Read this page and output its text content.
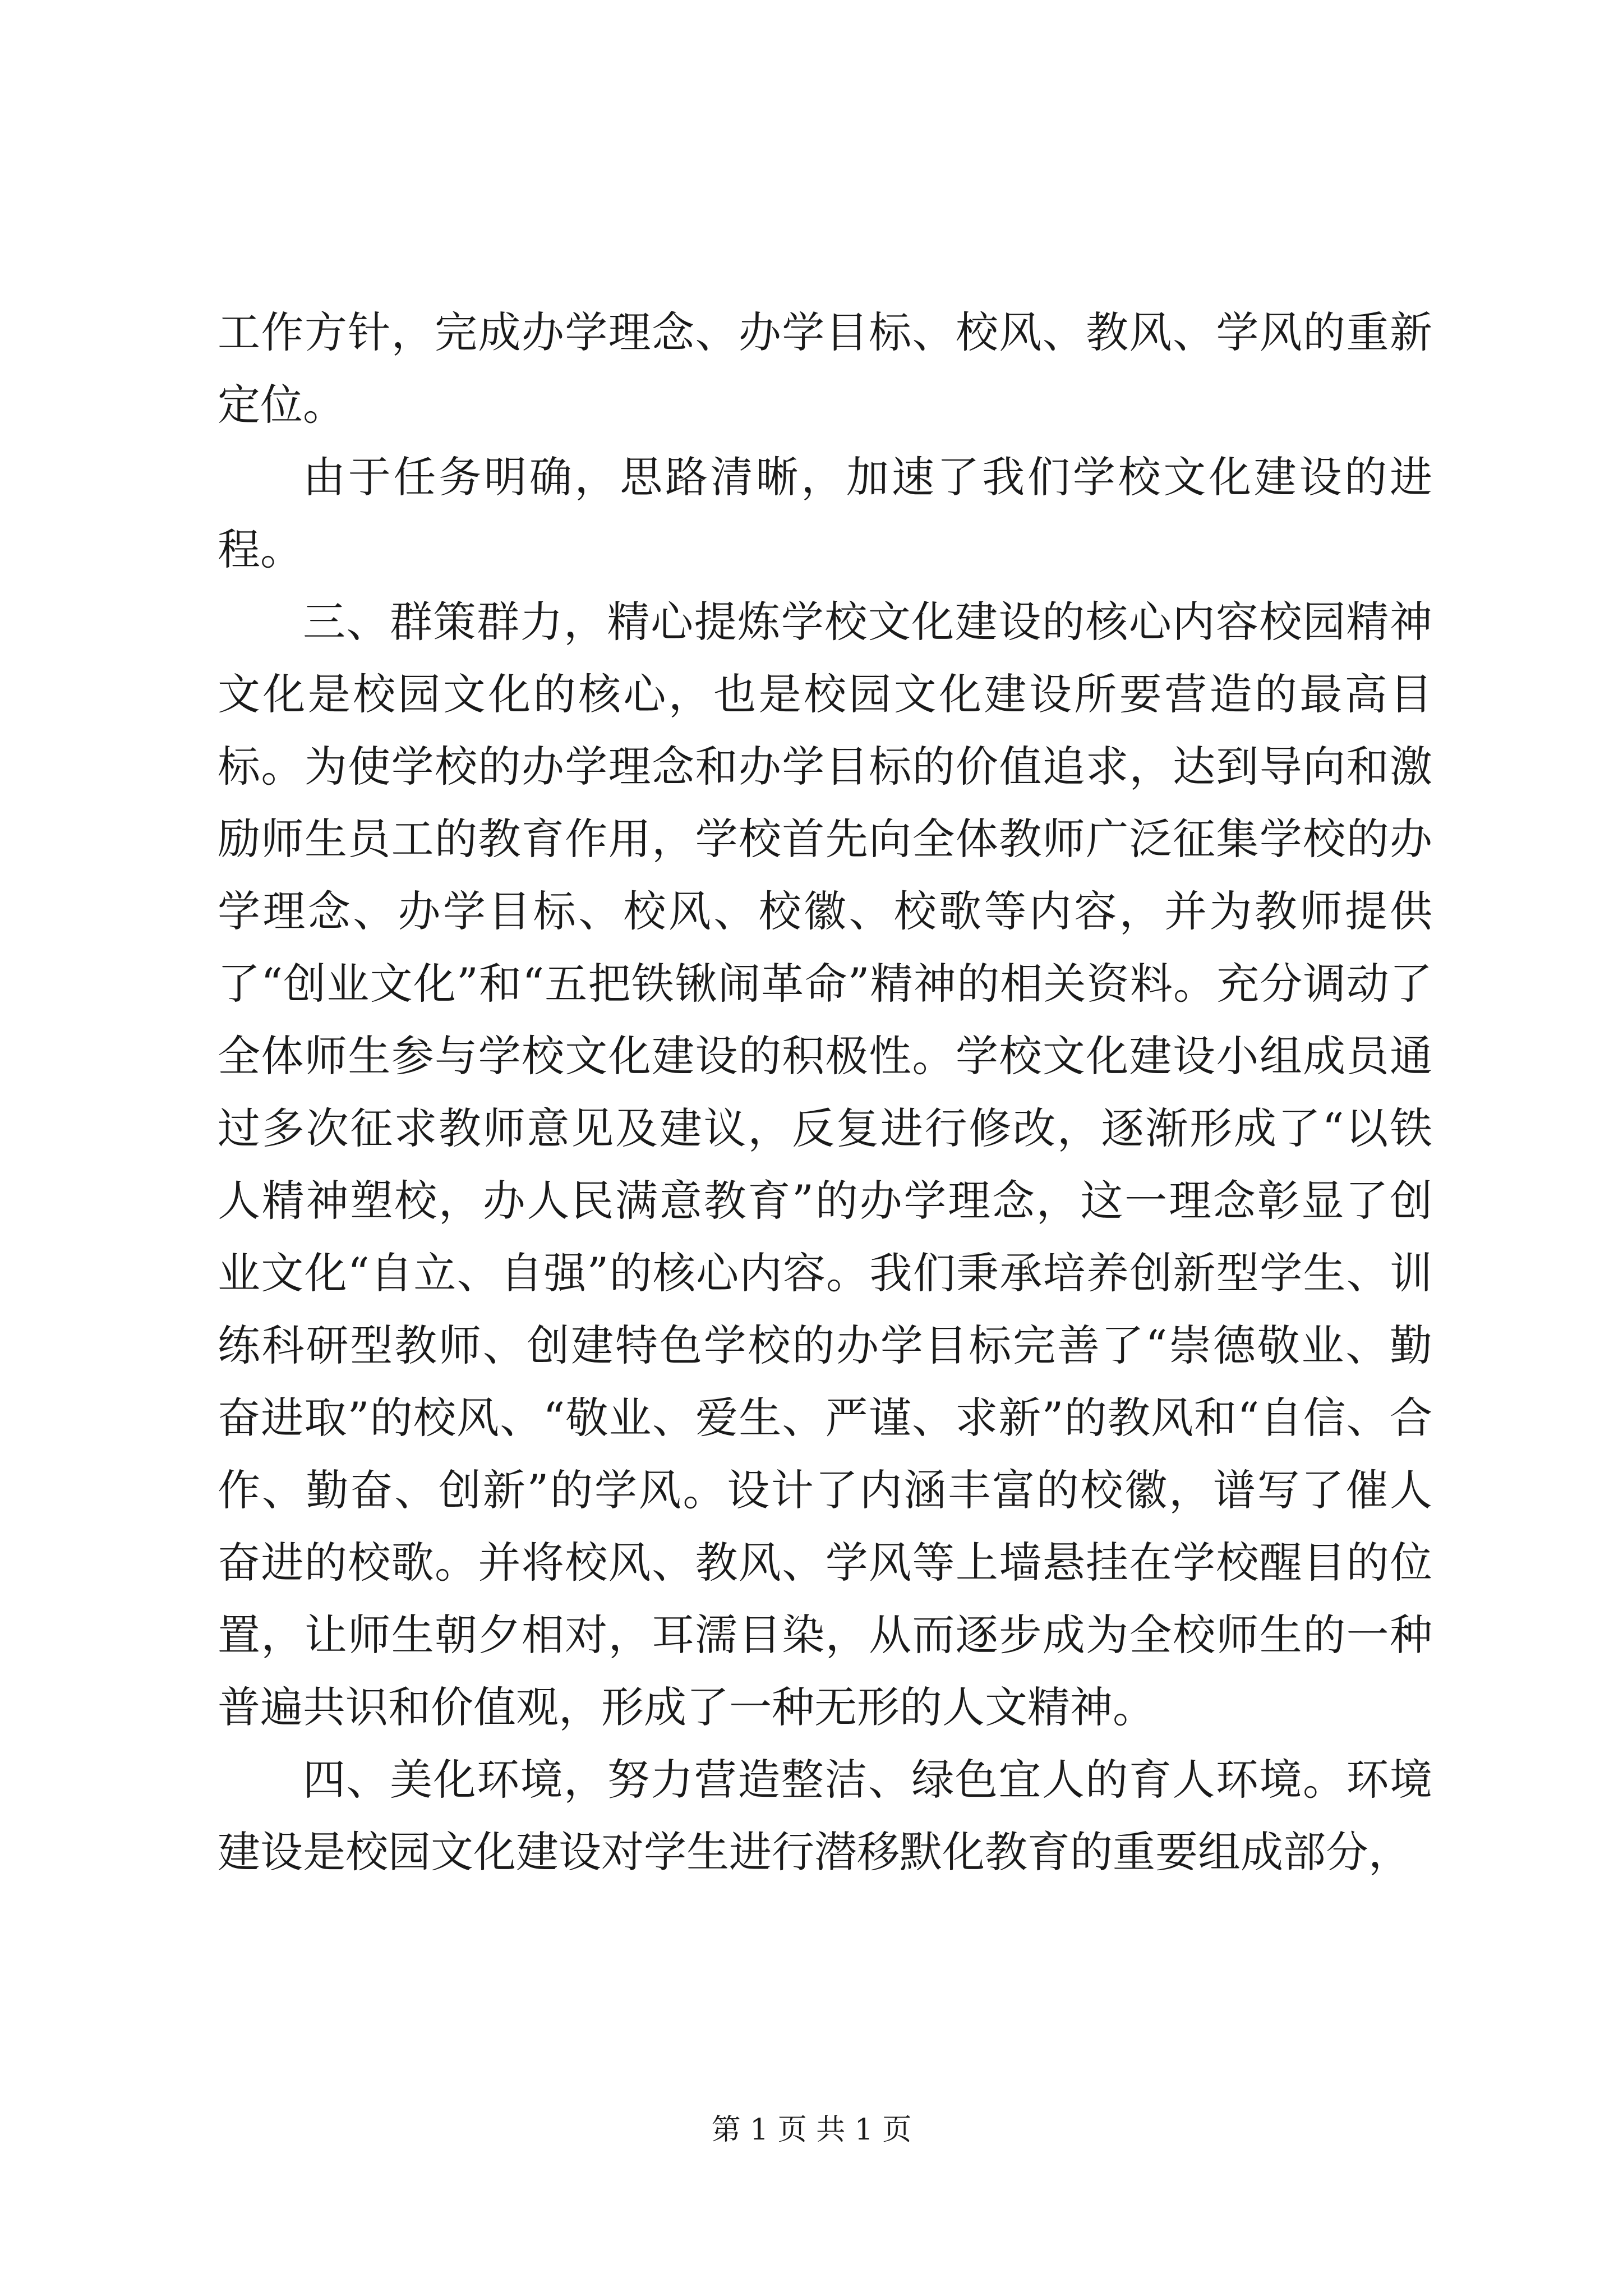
工作方针，完成办学理念、办学目标、校风、教风、学风的重新定位。

由于任务明确，思路清晰，加速了我们学校文化建设的进程。

三、群策群力，精心提炼学校文化建设的核心内容校园精神文化是校园文化的核心，也是校园文化建设所要营造的最高目标。为使学校的办学理念和办学目标的价值追求，达到导向和激励师生员工的教育作用，学校首先向全体教师广泛征集学校的办学理念、办学目标、校风、校徽、校歌等内容，并为教师提供了“创业文化”和“五把铁锹闹革命”精神的相关资料。充分调动了全体师生参与学校文化建设的积极性。学校文化建设小组成员通过多次征求教师意见及建议，反复进行修改，逐渐形成了“以铁人精神塑校，办人民满意教育”的办学理念，这一理念彰显了创业文化“自立、自强”的核心内容。我们秉承培养创新型学生、训练科研型教师、创建特色学校的办学目标完善了“崇德敬业、勤奋进取”的校风、“敬业、爱生、严谨、求新”的教风和“自信、合作、勤奋、创新”的学风。设计了内涵丰富的校徽，谱写了催人奋进的校歌。并将校风、教风、学风等上墙悬挂在学校醒目的位置，让师生朝夕相对，耳濡目染，从而逐步成为全校师生的一种普遍共识和价值观，形成了一种无形的人文精神。

四、美化环境，努力营造整洁、绿色宜人的育人环境。环境建设是校园文化建设对学生进行潜移默化教育的重要组成部分，

第 1 页 共 1 页
